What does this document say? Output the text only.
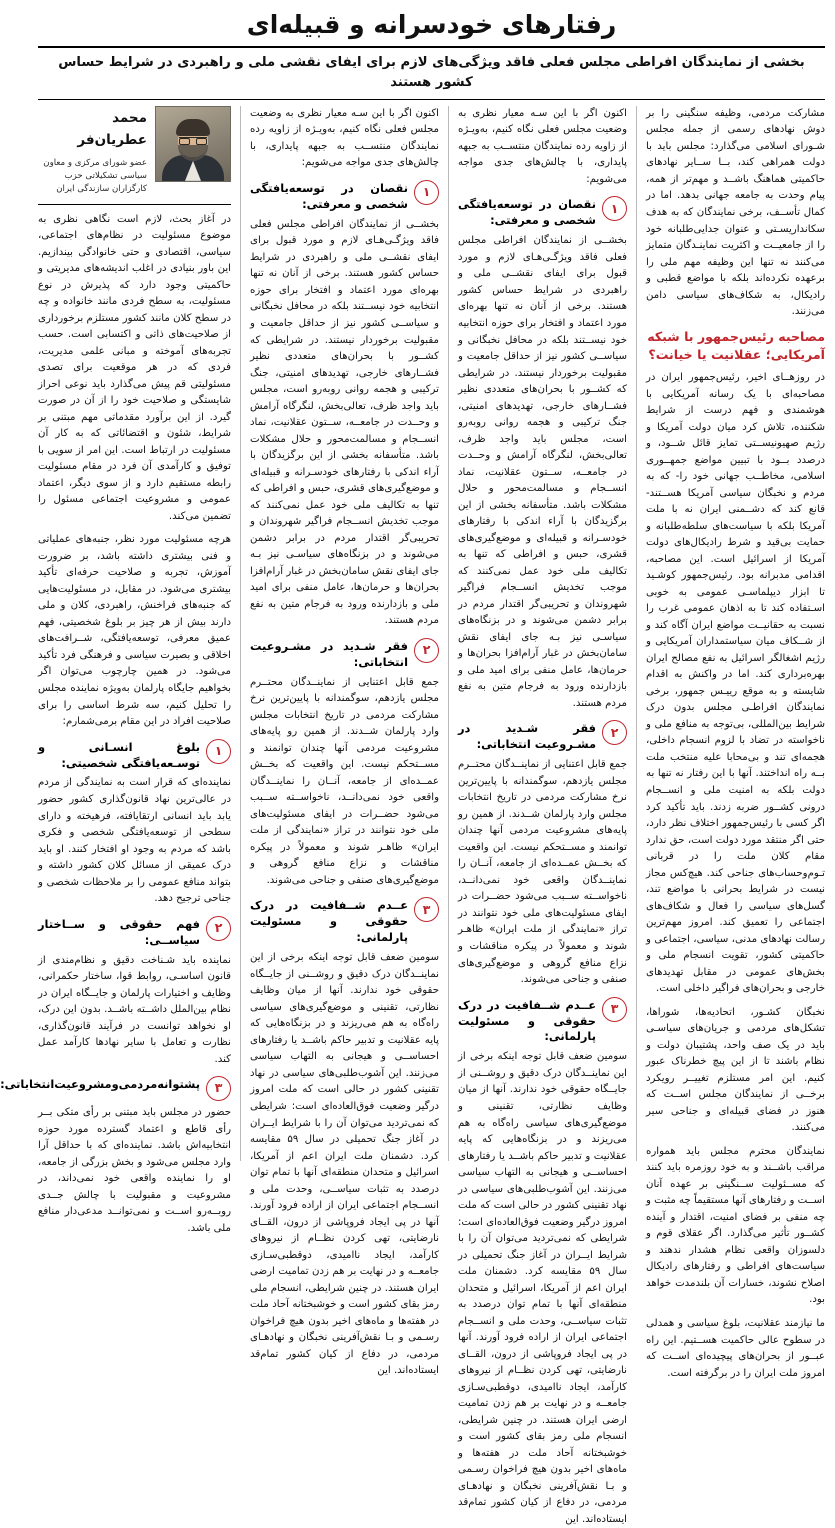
رفتارهای خودسرانه و قبیله‌ای
بخشی از نمایندگان افراطی مجلس فعلی فاقد ویژگی‌های لازم برای ایفای نقشی ملی و راهبردی در شرایط حساس کشور هستند

مشارکت مردمی، وظیفه سنگینی را بر دوش نهادهای رسمی از جمله مجلس شـورای اسلامی می‌گذارد: مجلس باید با دولت همراهی کند، بــا ســایر نهادهای حاکمیتی هماهنگ باشــد و مهم‌تر از همه، پیام وحدت به جامعه جهانی بدهد. اما در کمال تأســف، برخی نمایندگان که به هدف سکانداریسـتی و عنوان جدایی‌طلبانه خود را از جامعیــت و اکثریت نماینـدگان متمایز می‌کنند نه تنها این وظیفه مهم ملی را برعهده نکرده‌اند بلکه با مواضع قطبی و رادیکال، به شکاف‌های سیاسی دامن می‌زنند.

مصاحبه رئیس‌جمهور با شبکه آمریکایی؛ عقلانیت یا خیانت؟

در روزهــای اخیر، رئیس‌جمهور ایران در مصاحبه‌ای با یک رسانه آمریکایی با هوشمندی و فهم درست از شرایط شکننده، تلاش کرد میان دولت آمریکا و رژیم صهیونیســتی تمایز قائل شــود، و درصدد بــود با تبیین مواضع جمهــوری اسلامی، مخاطــب جهانی خود را- که به مردم و نخبگان سیاسی آمریکا هســتند- قانع کند که دشــمنی ایران نه با ملت آمریکا بلکه با سیاست‌های سلطه‌طلبانه و حمایت بی‌قید و شرط رادیکال‌های دولت آمریکا از اسرائیل است. این مصاحبه، اقدامی مدبرانه بود. رئیس‌جمهور کوشـید تا ابزار دیپلماسـی عمومی به خوبی اسـتفاده کند تا به اذهان عمومی غرب را نسبت به حقانیــت مواضع ایران آگاه کند و از شــکاف میان سیاستمداران آمریکایی و رژیم اشغالگر اسرائیل به نفع مصالح ایران بهره‌برداری کند. اما در واکنش به اقدام شایسته و به موقع رییـس جمهور، برخی نمایندگان افراطـی مجلس بدون درک شرایط بین‌المللی، بی‌توجه به منافع ملی و ناخواسته در تضاد با لزوم انسجام داخلی، هجمه‌ای تند و بی‌محابا علیه منتخب ملت بــه راه انداختند. آنها با این رفتار نه تنها به دولت بلکه به امنیت ملی و انســجام درونی کشــور ضربه زدند. باید تأکید کرد اگر کسی با رئیس‌جمهور اختلاف نظر دارد، حتی اگر منتقد مورد دولت است، حق ندارد مقام کلان ملت را در قربانی تـوم‌وحساب‌های جناحی کند. هیچ‌کس مجاز نیست در شرایط بحرانی با مواضع تند، گسل‌های سیاسی را فعال و شکاف‌های اجتماعی را تعمیق کند. امروز مهم‌ترین رسالت نهادهای مدنی، سیاسی، اجتماعی و حاکمیتی کشور، تقویت انسجام ملی و بخش‌های عمومی در مقابل تهدیدهای خارجی و بحران‌های فراگیر داخلی است.

نخبگان کشـور، اتحادیه‌ها، شوراها، تشکل‌های مردمی و جریان‌های سیاسـی باید در یک صف واحد، پشتیبان دولت و نظام باشند تا از این پیچ خطرناک عبور کنیم. این امر مستلزم تغییــر رویکرد برخــی از نمایندگان مجلس اســت که هنوز در فضای قبیله‌ای و جناحی سیر می‌کنند.

نمایندگان محترم مجلس باید همواره مراقب باشــند و به خود روزمره باید کنند که مســئولیت ســنگینی بر عهده آنان اســت و رفتارهای آنها مستقیماً چه مثبت و چه منفی بر فضای امنیت، اقتدار و آینده کشــور تأثیر می‌گذارد. اگر عقلای قوم و دلسوزان واقعی نظام هشدار ندهند و سیاست‌های افراطی و رفتارهای رادیکال اصلاح نشوند، خسارات آن بلندمدت خواهد بود.

ما نیازمند عقلانیت، بلوغ سیاسی و همدلی در سطوح عالی حاکمیت هســتیم. این راه عبــور از بحران‌های پیچیده‌ای اســت که امروز ملت ایران را در برگرفته است.

اکنون اگر با این سـه معیار نظری به وضعیت مجلس فعلی نگاه کنیم، به‌ویـژه از زاویه رده نمایندگان منتســب به جبهه پایداری، با چالش‌های جدی مواجه می‌شویم:

۱
نقصان در توسعه‌یافتگی شخصی و معرفتی:

بخشــی از نمایندگان افراطی مجلس فعلی فاقد ویژگـی‌هـای لازم و مورد قبول برای ایفای نقشــی ملی و راهبردی در شرایط حساس کشور هستند. برخی از آنان نه تنها بهره‌ای مورد اعتماد و افتخار برای حوزه انتخابیه خود نیســتند بلکه در محافل نخبگانی و سیاســی کشور نیز از حداقل جامعیت و مقبولیت برخوردار نیستند. در شرایطی که کشــور با بحران‌های متعددی نظیر فشــارهای خارجی، تهدیدهای امنیتی، جنگ ترکیبی و هجمه روانی روبه‌رو است، مجلس باید واجد ظرف، تعالی‌بخش، لنگرگاه آرامش و وحــدت در جامعــه، ســتون عقلانیت، نماد انســجام و مسالمت‌محور و حلال مشکلات باشد. متأسفانه بخشی از این برگزیدگان با آراء اندکی با رفتارهای خودسـرانه و قبیله‌ای و موضع‌گیری‌های قشری، حبس و افراطی که تنها به تکالیف ملی خود عمل نمی‌کنند که موجب تخدیش انســجام فراگیر شهروندان و تحریبی‌گر اقتدار مردم در برابر دشمن می‌شوند و در بزنگاه‌های سیاسـی نیز بـه جای ایفای نقش سامان‌بخش در غبار آرام‌افزا بحران‌ها و حرمان‌ها، عامل منفی برای امید ملی و بازدارنده ورود به فرجام متین به نفع مردم هستند.

۲
فقر شـدید در مشـروعیت انتخاباتی:

جمع قابل اعتنایی از نماینــدگان محتــرم مجلس یازدهم، سوگمندانه با پایین‌ترین نرخ مشارکت مردمی در تاریخ انتخابات مجلس وارد پارلمان شــدند. از همین رو پایه‌های مشروعیت مردمی آنها چندان توانمند و مســتحکم نیست. این واقعیت که بخــش عمــده‌ای از جامعه، آنــان را نماینــدگان واقعی خود نمی‌دانــد، ناخواســته ســبب می‌شود حضــرات در ایفای مسئولیت‌های ملی خود نتوانند در تراز «نمایندگی از ملت ایران» ظاهـر شوند و معمولاً در پیکره مناقشات و نزاع منافع گروهی و موضع‌گیری‌های صنفی و جناحی می‌شوند.

۳
عــدم شــفافیت در درک حقوقی و مسئولیت پارلمانی:

سومین ضعف قابل توجه اینکه برخی از این نماینــدگان درک دقیق و روشــنی از جایــگاه حقوقی خود ندارند. آنها از میان وظایف نظارتی، تقنینی و موضع‌گیری‌های سیاسی راه‌گاه به هم می‌ریزند و در بزنگاه‌هایی که پایه عقلانیت و تدبیر حاکم باشــد یا رفتارهای احساســی و هیجانی به التهاب سیاسی می‌زنند. این آشوب‌طلبی‌های سیاسی در نهاد تقنینی کشور در حالی است که ملت امروز درگیر وضعیت فوق‌العاده‌ای است: شرایطی که نمی‌تردید می‌توان آن را با شرایط ایــران در آغاز جنگ تحمیلی در سال ۵۹ مقایسه کرد. دشمنان ملت ایران اعم از آمریکا، اسرائیل و متحدان منطقه‌ای آنها با تمام توان درصدد به تثبات سیاســی، وحدت ملی و انســجام اجتماعی ایران از اراده فرود آورند. آنها در پی ایجاد فروپاشی از درون، القــای نارضایتی، تهی کردن نظــام از نیروهای کارآمد، ایجاد ناامیدی، دوقطبی‌سـازی جامعــه و در نهایت بر هم زدن تمامیت ارضی ایران هستند. در چنین شرایطی، انسجام ملی رمز بقای کشور است و خوشبختانه آحاد ملت در هفته‌ها و ماه‌های اخیر بدون هیچ فراخوان رسـمی و بـا نقش‌آفرینی نخبگان و نهادهـای مردمی، در دفاع از کیان کشور تمام‌قد ایستاده‌اند. این

اکنون اگر با این سـه معیار نظری به وضعیت مجلس فعلی نگاه کنیم، به‌ویـژه از زاویه رده نمایندگان منتســب به جبهه پایداری، با چالش‌های جدی مواجه می‌شویم:

۱
نقصان در توسعه‌یافتگی شخصی و معرفتی:

بخشــی از نمایندگان افراطی مجلس فعلی فاقد ویژگـی‌هـای لازم و مورد قبول برای ایفای نقشــی ملی و راهبردی در شرایط حساس کشور هستند. برخی از آنان نه تنها بهره‌ای مورد اعتماد و افتخار برای حوزه انتخابیه خود نیســتند بلکه در محافل نخبگانی و سیاســی کشور نیز از حداقل جامعیت و مقبولیت برخوردار نیستند. در شرایطی که کشــور با بحران‌های متعددی نظیر فشــارهای خارجی، تهدیدهای امنیتی، جنگ ترکیبی و هجمه روانی روبه‌رو است، مجلس باید واجد ظرف، تعالی‌بخش، لنگرگاه آرامش و وحــدت در جامعــه، ســتون عقلانیت، نماد انســجام و مسالمت‌محور و حلال مشکلات باشد. متأسفانه بخشی از این برگزیدگان با آراء اندکی با رفتارهای خودسـرانه و قبیله‌ای و موضع‌گیری‌های قشری، حبس و افراطی که تنها به تکالیف ملی خود عمل نمی‌کنند که موجب تخدیش انســجام فراگیر شهروندان و تحریبی‌گر اقتدار مردم در برابر دشمن می‌شوند و در بزنگاه‌های سیاسـی نیز بـه جای ایفای نقش سامان‌بخش در غبار آرام‌افزا بحران‌ها و حرمان‌ها، عامل منفی برای امید ملی و بازدارنده ورود به فرجام متین به نفع مردم هستند.

۲
فقر شـدید در مشـروعیت انتخاباتی:

جمع قابل اعتنایی از نماینــدگان محتــرم مجلس یازدهم، سوگمندانه با پایین‌ترین نرخ مشارکت مردمی در تاریخ انتخابات مجلس وارد پارلمان شــدند. از همین رو پایه‌های مشروعیت مردمی آنها چندان توانمند و مســتحکم نیست. این واقعیت که بخــش عمــده‌ای از جامعه، آنــان را نماینــدگان واقعی خود نمی‌دانــد، ناخواســته ســبب می‌شود حضــرات در ایفای مسئولیت‌های ملی خود نتوانند در تراز «نمایندگی از ملت ایران» ظاهـر شوند و معمولاً در پیکره مناقشات و نزاع منافع گروهی و موضع‌گیری‌های صنفی و جناحی می‌شوند.

۳
عــدم شــفافیت در درک حقوقی و مسئولیت پارلمانی:

سومین ضعف قابل توجه اینکه برخی از این نماینــدگان درک دقیق و روشــنی از جایــگاه حقوقی خود ندارند. آنها از میان وظایف نظارتی، تقنینی و موضع‌گیری‌های سیاسی راه‌گاه به هم می‌ریزند و در بزنگاه‌هایی که پایه عقلانیت و تدبیر حاکم باشــد یا رفتارهای احساســی و هیجانی به التهاب سیاسی می‌زنند. این آشوب‌طلبی‌های سیاسی در نهاد تقنینی کشور در حالی است که ملت امروز درگیر وضعیت فوق‌العاده‌ای است: شرایطی که نمی‌تردید می‌توان آن را با شرایط ایــران در آغاز جنگ تحمیلی در سال ۵۹ مقایسه کرد. دشمنان ملت ایران اعم از آمریکا، اسرائیل و متحدان منطقه‌ای آنها با تمام توان درصدد به تثبات سیاســی، وحدت ملی و انســجام اجتماعی ایران از اراده فرود آورند. آنها در پی ایجاد فروپاشی از درون، القــای نارضایتی، تهی کردن نظــام از نیروهای کارآمد، ایجاد ناامیدی، دوقطبی‌سـازی جامعــه و در نهایت بر هم زدن تمامیت ارضی ایران هستند. در چنین شرایطی، انسجام ملی رمز بقای کشور است و خوشبختانه آحاد ملت در هفته‌ها و ماه‌های اخیر بدون هیچ فراخوان رسـمی و بـا نقش‌آفرینی نخبگان و نهادهـای مردمی، در دفاع از کیان کشور تمام‌قد ایستاده‌اند. این

محمد عطریان‌فر
عضو شورای مرکزی و معاون سیاسی تشکیلاتی حزب کارگزاران سازندگی ایران

در آغاز بحث، لازم است نگاهی نظری به موضوع مسئولیت در نظام‌های اجتماعی، سیاسی، اقتصادی و حتی خانوادگی بیندازیم. این باور بنیادی در اغلب اندیشه‌های مدیریتی و حاکمیتی وجود دارد که پذیرش در نوع مسئولیت، به سطح فردی مانند خانواده و چه در سطح کلان مانند کشور مستلزم برخورداری از صلاحیت‌های ذاتی و اکتسابی است. حسب تجربه‌های آموخته و مبانی علمی مدیریت، فردی که در هر موقعیت برای تصدی مسئولیتی قم پیش می‌گذارد باید نوعی احراز شایستگی و صلاحیت خود را از آن در صورت گیرد. از این برآورد مقدماتی مهم مبتنی بر شرایط، شئون و اقتضائاتی که به کار آن مسئولیت در ارتباط است. این امر از سویی با توفیق و کارآمدی آن فرد در مقام مسئولیت رابطه مستقیم دارد و از سوی دیگر، اعتماد عمومی و مشروعیت اجتماعی مسئول را تضمین می‌کند.

هرچه مسئولیت مورد نظر، جنبه‌های عملیاتی و فنی بیشتری داشته باشد، بر ضرورت آموزش، تجربه و صلاحیت حرفه‌ای تأکید بیشتری می‌شود. در مقابل، در مسئولیت‌هایی که جنبه‌های فراخنش، راهبردی، کلان و ملی دارند بیش از هر چیز بر بلوغ شخصیتی، فهم عمیق معرفی، توسعه‌یافتگی، شــرافت‌های اخلاقی و بصیرت سیاسی و فرهنگی فرد تأکید می‌شود. در همین چارچوب می‌توان اگر بخواهیم جایگاه پارلمان به‌ویژه نماینده مجلس را تحلیل کنیم، سه شرط اساسی را برای صلاحیت افراد در این مقام برمی‌شمارم:

۱
بلوغ انسـانی و توسـعه‌یافتگی شخصیتی:

نماینده‌ای که قرار است به نمایندگی از مردم در عالی‌ترین نهاد قانون‌گذاری کشور حضور یابد باید انسانی ارتقایافته، فرهیخته و دارای سطحی از توسعه‌یافتگی شخصی و فکری باشد که مردم به وجود او افتخار کنند. او باید درک عمیقی از مسائل کلان کشور داشته و بتواند منافع عمومی را بر ملاحظات شخصی و جناحی ترجیح دهد.

۲
فهم حقوقی و ســاختار سیاســی:

نماینده باید شـناخت دقیق و نظام‌مندی از قانون اساسـی، روابط قوا، ساختار حکمرانی، وظایف و اختیارات پارلمان و جایــگاه ایران در نظام بین‌الملل داشــته باشــد. بدون این درک، او نخواهد توانست در فرآیند قانون‌گذاری، نظارت و تعامل با سایر نهادها کارآمد عمل کند.

۳
پشتوانه‌مردمی‌و‌مشروعیت‌انتخاباتی:

حضور در مجلس باید مبتنی بر رأی متکی بــر رأی قاطع و اعتماد گسترده مورد حوزه انتخابیه‌اش باشد. نماینده‌ای که با حداقل آرا وارد مجلس می‌شود و بخش بزرگی از جامعه، او را نماینده واقعی خود نمی‌داند، در مشروعیت و مقبولیت با چالش جــدی روبــه‌رو اســت و نمی‌توانــد مدعی‌دار منافع ملی باشد.
